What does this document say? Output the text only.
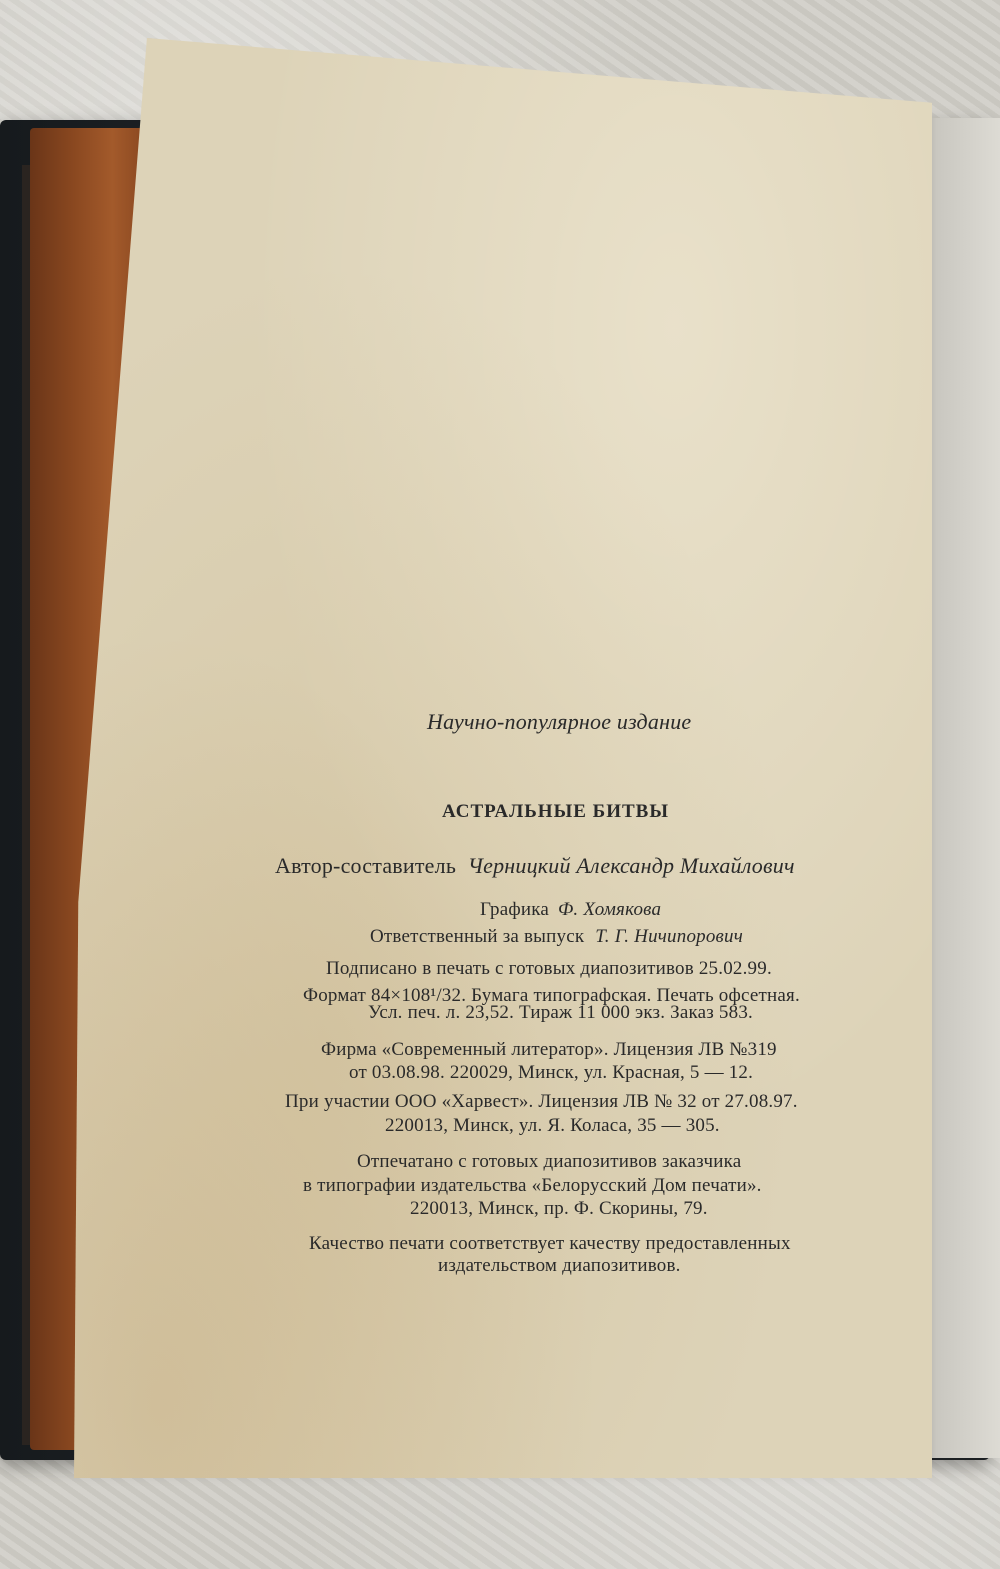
Научно-популярное издание
АСТРАЛЬНЫЕ БИТВЫ
Автор-составитель Черницкий Александр Михайлович
Графика Ф. Хомякова
Ответственный за выпуск Т. Г. Ничипорович
Подписано в печать с готовых диапозитивов 25.02.99.
Формат 84×108¹/32. Бумага типографская. Печать офсетная.
Усл. печ. л. 23,52. Тираж 11 000 экз. Заказ 583.
Фирма «Современный литератор». Лицензия ЛВ №319
от 03.08.98. 220029, Минск, ул. Красная, 5 — 12.
При участии ООО «Харвест». Лицензия ЛВ № 32 от 27.08.97.
220013, Минск, ул. Я. Коласа, 35 — 305.
Отпечатано с готовых диапозитивов заказчика
в типографии издательства «Белорусский Дом печати».
220013, Минск, пр. Ф. Скорины, 79.
Качество печати соответствует качеству предоставленных
издательством диапозитивов.
